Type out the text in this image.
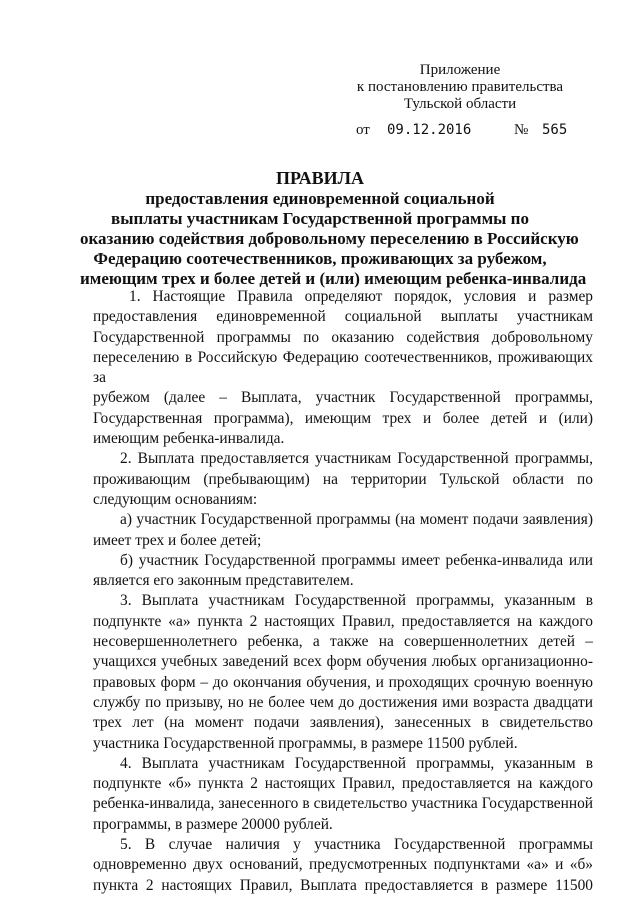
Приложение
к постановлению правительства
Тульской области
от 09.12.2016	№ 565
ПРАВИЛА
предоставления единовременной социальной
выплаты участникам Государственной программы по
оказанию содействия добровольному переселению в Российскую
Федерацию соотечественников, проживающих за рубежом,
имеющим трех и более детей и (или) имеющим ребенка-инвалида
1. Настоящие Правила определяют порядок, условия и размер
предоставления единовременной социальной выплаты участникам
Государственной программы по оказанию содействия добровольному
переселению в Российскую Федерацию соотечественников, проживающих за
рубежом (далее – Выплата, участник Государственной программы,
Государственная программа), имеющим трех и более детей и (или)
имеющим ребенка-инвалида.
2. Выплата предоставляется участникам Государственной программы,
проживающим (пребывающим) на территории Тульской области по
следующим основаниям:
а) участник Государственной программы (на момент подачи заявления)
имеет трех и более детей;
б) участник Государственной программы имеет ребенка-инвалида или
является его законным представителем.
3. Выплата участникам Государственной программы, указанным в
подпункте «а» пункта 2 настоящих Правил, предоставляется на каждого
несовершеннолетнего ребенка, а также на совершеннолетних детей –
учащихся учебных заведений всех форм обучения любых организационно-
правовых форм – до окончания обучения, и проходящих срочную военную
службу по призыву, но не более чем до достижения ими возраста двадцати
трех лет (на момент подачи заявления), занесенных в свидетельство
участника Государственной программы, в размере 11500 рублей.
4. Выплата участникам Государственной программы, указанным в
подпункте «б» пункта 2 настоящих Правил, предоставляется на каждого
ребенка-инвалида, занесенного в свидетельство участника Государственной
программы, в размере 20000 рублей.
5. В случае наличия у участника Государственной программы
одновременно двух оснований, предусмотренных подпунктами «а» и «б»
пункта 2 настоящих Правил, Выплата предоставляется в размере 11500
